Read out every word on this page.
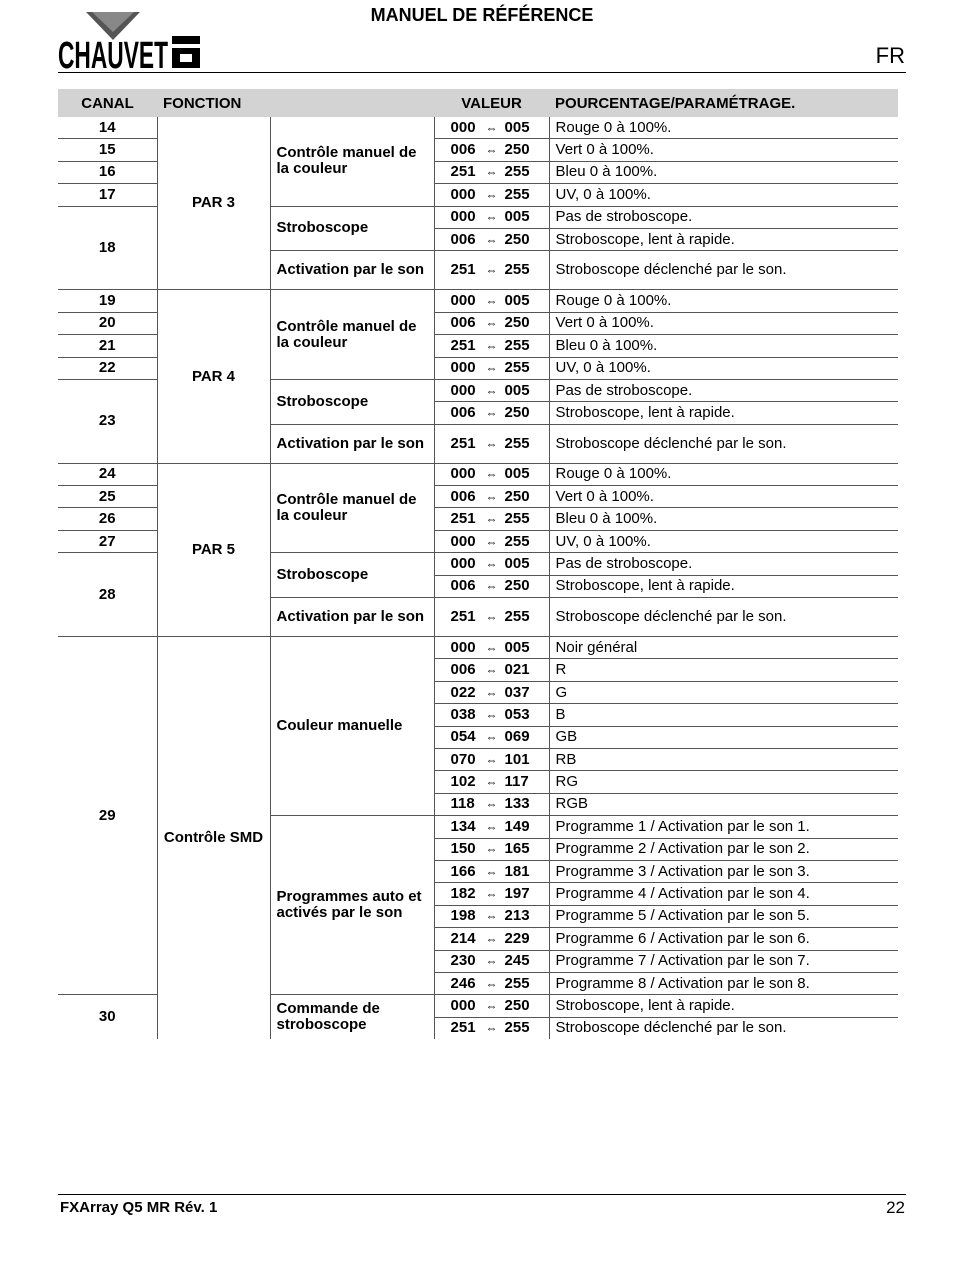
CHAUVET
MANUEL DE RÉFÉRENCE
FR
CANAL	FONCTION		VALEUR	POURCENTAGE/PARAMÉTRAGE.
14	PAR 3	Contrôle manuel de la couleur	000 ⇔ 005	Rouge 0 à 100%.
15			006 ⇔ 250	Vert 0 à 100%.
16			251 ⇔ 255	Bleu 0 à 100%.
17			000 ⇔ 255	UV, 0 à 100%.
18		Stroboscope	000 ⇔ 005	Pas de stroboscope.
			006 ⇔ 250	Stroboscope, lent à rapide.
		Activation par le son	251 ⇔ 255	Stroboscope déclenché par le son.
19	PAR 4	Contrôle manuel de la couleur	000 ⇔ 005	Rouge 0 à 100%.
20			006 ⇔ 250	Vert 0 à 100%.
21			251 ⇔ 255	Bleu 0 à 100%.
22			000 ⇔ 255	UV, 0 à 100%.
23		Stroboscope	000 ⇔ 005	Pas de stroboscope.
			006 ⇔ 250	Stroboscope, lent à rapide.
		Activation par le son	251 ⇔ 255	Stroboscope déclenché par le son.
24	PAR 5	Contrôle manuel de la couleur	000 ⇔ 005	Rouge 0 à 100%.
25			006 ⇔ 250	Vert 0 à 100%.
26			251 ⇔ 255	Bleu 0 à 100%.
27			000 ⇔ 255	UV, 0 à 100%.
28		Stroboscope	000 ⇔ 005	Pas de stroboscope.
			006 ⇔ 250	Stroboscope, lent à rapide.
		Activation par le son	251 ⇔ 255	Stroboscope déclenché par le son.
29	Contrôle SMD	Couleur manuelle	000 ⇔ 005	Noir général
			006 ⇔ 021	R
			022 ⇔ 037	G
			038 ⇔ 053	B
			054 ⇔ 069	GB
			070 ⇔ 101	RB
			102 ⇔ 117	RG
			118 ⇔ 133	RGB
		Programmes auto et activés par le son	134 ⇔ 149	Programme 1 / Activation par le son 1.
			150 ⇔ 165	Programme 2 / Activation par le son 2.
			166 ⇔ 181	Programme 3 / Activation par le son 3.
			182 ⇔ 197	Programme 4 / Activation par le son 4.
			198 ⇔ 213	Programme 5 / Activation par le son 5.
			214 ⇔ 229	Programme 6 / Activation par le son 6.
			230 ⇔ 245	Programme 7 / Activation par le son 7.
			246 ⇔ 255	Programme 8 / Activation par le son 8.
30		Commande de stroboscope	000 ⇔ 250	Stroboscope, lent à rapide.
			251 ⇔ 255	Stroboscope déclenché par le son.
FXArray Q5 MR Rév. 1	22
